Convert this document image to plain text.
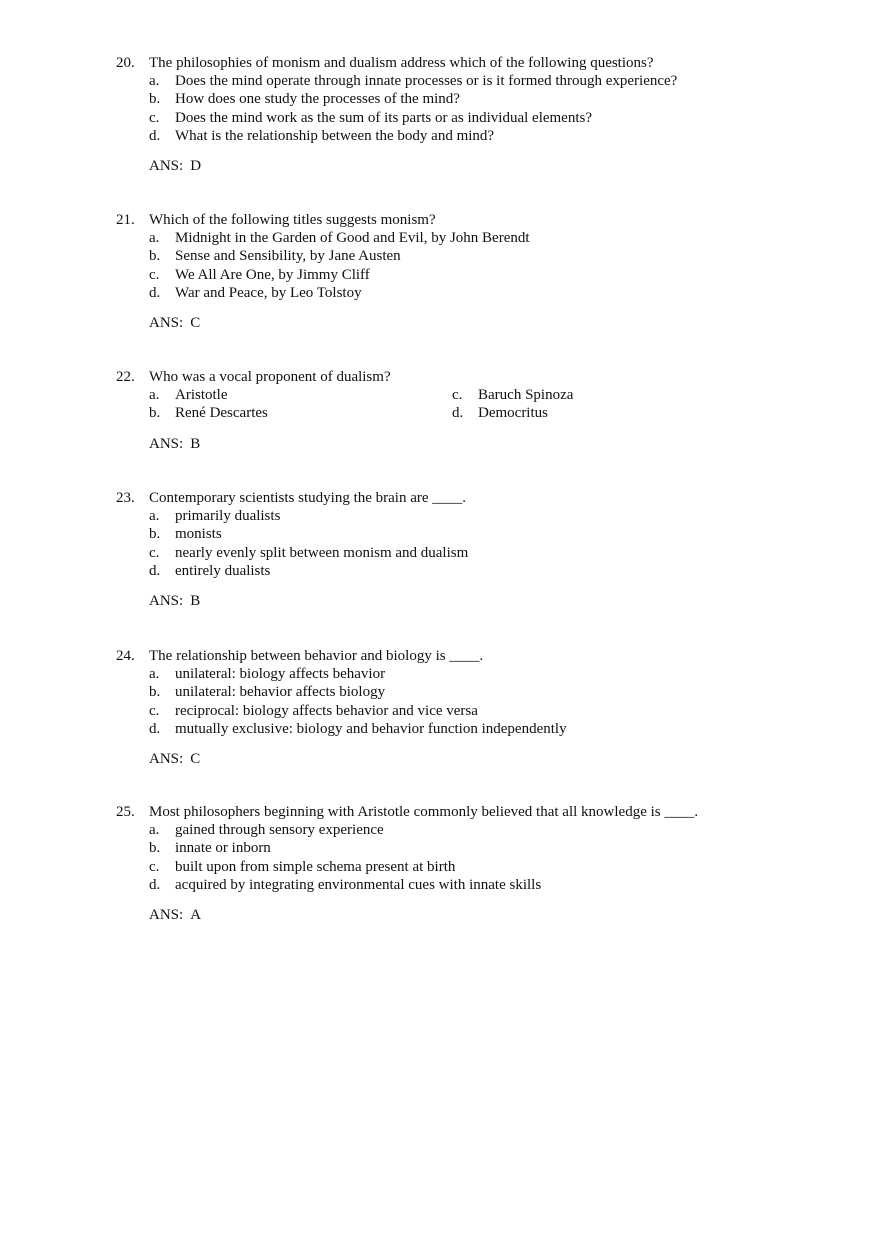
20. The philosophies of monism and dualism address which of the following questions?
a.	Does the mind operate through innate processes or is it formed through experience?
b. How does one study the processes of the mind?
c.	Does the mind work as the sum of its parts or as individual elements?
d. What is the relationship between the body and mind?
ANS: D
21. Which of the following titles suggests monism?
a.	Midnight in the Garden of Good and Evil, by John Berendt
b. Sense and Sensibility, by Jane Austen
c.	We All Are One, by Jimmy Cliff
d. War and Peace, by Leo Tolstoy
ANS: C
22. Who was a vocal proponent of dualism?
a.	Aristotle	c.	Baruch Spinoza
b. René Descartes	d. Democritus
ANS: B
23. Contemporary scientists studying the brain are ____.
a.	primarily dualists
b. monists
c.	nearly evenly split between monism and dualism
d. entirely dualists
ANS: B
24. The relationship between behavior and biology is ____.
a.	unilateral: biology affects behavior
b. unilateral: behavior affects biology
c.	reciprocal: biology affects behavior and vice versa
d. mutually exclusive: biology and behavior function independently
ANS: C
25. Most philosophers beginning with Aristotle commonly believed that all knowledge is ____.
a.	gained through sensory experience
b. innate or inborn
c.	built upon from simple schema present at birth
d. acquired by integrating environmental cues with innate skills
ANS: A
